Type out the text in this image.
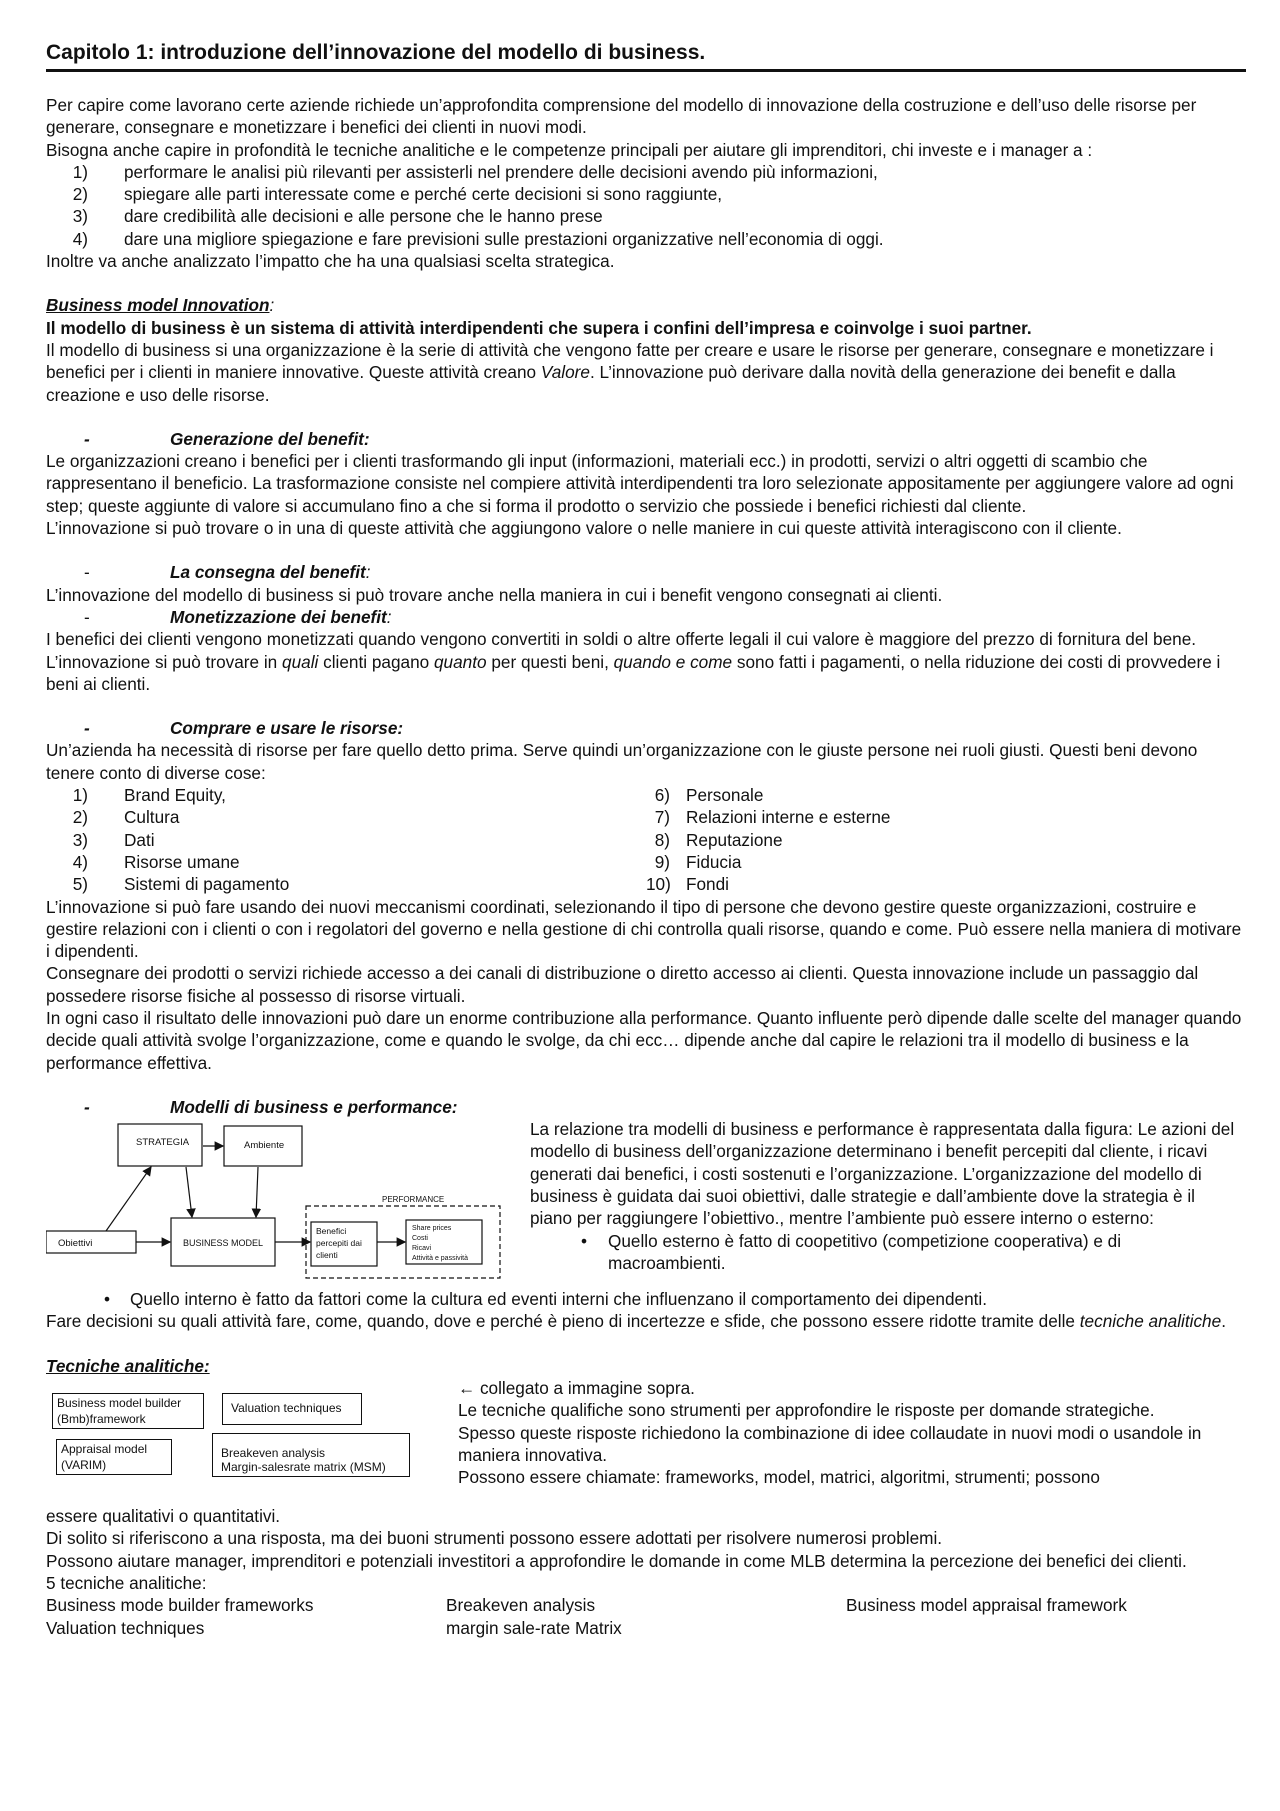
Capitolo 1: introduzione dell’innovazione del modello di business.

Per capire come lavorano certe aziende richiede un’approfondita comprensione del modello di innovazione della costruzione e dell’uso delle risorse per generare, consegnare e monetizzare i benefici dei clienti in nuovi modi.

Bisogna anche capire in profondità le tecniche analitiche e le competenze principali per aiutare gli imprenditori, chi investe e i manager a :

1)	performare le analisi più rilevanti per assisterli nel prendere delle decisioni avendo più informazioni,
2)	spiegare alle parti interessate come e perché certe decisioni si sono raggiunte,
3)	dare credibilità alle decisioni e alle persone che le hanno prese
4)	dare una migliore spiegazione e fare previsioni sulle prestazioni organizzative nell’economia di oggi.

Inoltre va anche analizzato l’impatto che ha una qualsiasi scelta strategica.

Business model Innovation:

Il modello di business è un sistema di attività interdipendenti che supera i confini dell’impresa e coinvolge i suoi partner.

Il modello di business si una organizzazione è la serie di attività che vengono fatte per creare e usare le risorse per generare, consegnare e monetizzare i benefici per i clienti in maniere innovative. Queste attività creano Valore. L’innovazione può derivare dalla novità della generazione dei benefit e dalla creazione e uso delle risorse.

-	Generazione del benefit:

Le organizzazioni creano i benefici per i clienti trasformando gli input (informazioni, materiali ecc.) in prodotti, servizi o altri oggetti di scambio che rappresentano il beneficio. La trasformazione consiste nel compiere attività interdipendenti tra loro selezionate appositamente per aggiungere valore ad ogni step; queste aggiunte di valore si accumulano fino a che si forma il prodotto o servizio che possiede i benefici richiesti dal cliente.

L’innovazione si può trovare o in una di queste attività che aggiungono valore o nelle maniere in cui queste attività interagiscono con il cliente.

-	La consegna del benefit:

L’innovazione del modello di business si può trovare anche nella maniera in cui i benefit vengono consegnati ai clienti.

-	Monetizzazione dei benefit:

I benefici dei clienti vengono monetizzati quando vengono convertiti in soldi o altre offerte legali il cui valore è maggiore del prezzo di fornitura del bene. L’innovazione si può trovare in quali clienti pagano quanto per questi beni, quando e come sono fatti i pagamenti, o nella riduzione dei costi di provvedere i beni ai clienti.

-	Comprare e usare le risorse:

Un’azienda ha necessità di risorse per fare quello detto prima. Serve quindi un’organizzazione con le giuste persone nei ruoli giusti. Questi beni devono tenere conto di diverse cose:

1)	Brand Equity,
2)	Cultura
3)	Dati
4)	Risorse umane
5)	Sistemi di pagamento
6) Personale
7) Relazioni interne e esterne
8) Reputazione
9) Fiducia
10) Fondi

L’innovazione si può fare usando dei nuovi meccanismi coordinati, selezionando il tipo di persone che devono gestire queste organizzazioni, costruire e gestire relazioni con i clienti o con i regolatori del governo e nella gestione di chi controlla quali risorse, quando e come. Può essere nella maniera di motivare i dipendenti.

Consegnare dei prodotti o servizi richiede accesso a dei canali di distribuzione o diretto accesso ai clienti. Questa innovazione include un passaggio dal possedere risorse fisiche al possesso di risorse virtuali.

In ogni caso il risultato delle innovazioni può dare un enorme contribuzione alla performance. Quanto influente però dipende dalle scelte del manager quando decide quali attività svolge l’organizzazione, come e quando le svolge, da chi ecc… dipende anche dal capire le relazioni tra il modello di business e la performance effettiva.

-	Modelli di business e performance:
STRATEGIA	Ambiente
PERFORMANCE
Obiettivi	BUSINESS MODEL
Benefici
percepiti dai
clienti
Share prices
Costi
Ricavi
Attività e passività

La relazione tra modelli di business e performance è rappresentata dalla figura: Le azioni del modello di business dell’organizzazione determinano i benefit percepiti dal cliente, i ricavi generati dai benefici, i costi sostenuti e l’organizzazione. L’organizzazione del modello di business è guidata dai suoi obiettivi, dalle strategie e dall’ambiente dove la strategia è il piano per raggiungere l’obiettivo., mentre l’ambiente può essere interno o esterno:

•	Quello esterno è fatto di coopetitivo (competizione cooperativa) e di macroambienti.
•	Quello interno è fatto da fattori come la cultura ed eventi interni che influenzano il comportamento dei dipendenti.

Fare decisioni su quali attività fare, come, quando, dove e perché è pieno di incertezze e sfide, che possono essere ridotte tramite delle tecniche analitiche.

Tecniche analitiche:

Business model builder
(Bmb)framework
Valuation techniques
Appraisal model
(VARIM)
Breakeven analysis
Margin-salesrate matrix (MSM)

← collegato a immagine sopra.

Le tecniche qualifiche sono strumenti per approfondire le risposte per domande strategiche.

Spesso queste risposte richiedono la combinazione di idee collaudate in nuovi modi o usandole in maniera innovativa.

Possono essere chiamate: frameworks, model, matrici, algoritmi, strumenti; possono

essere qualitativi o quantitativi.

Di solito si riferiscono a una risposta, ma dei buoni strumenti possono essere adottati per risolvere numerosi problemi.

Possono aiutare manager, imprenditori e potenziali investitori a approfondire le domande in come MLB determina la percezione dei benefici dei clienti.

5 tecniche analitiche:

Business mode builder frameworks	Breakeven analysis	Business model appraisal framework
Valuation techniques	margin sale-rate Matrix
